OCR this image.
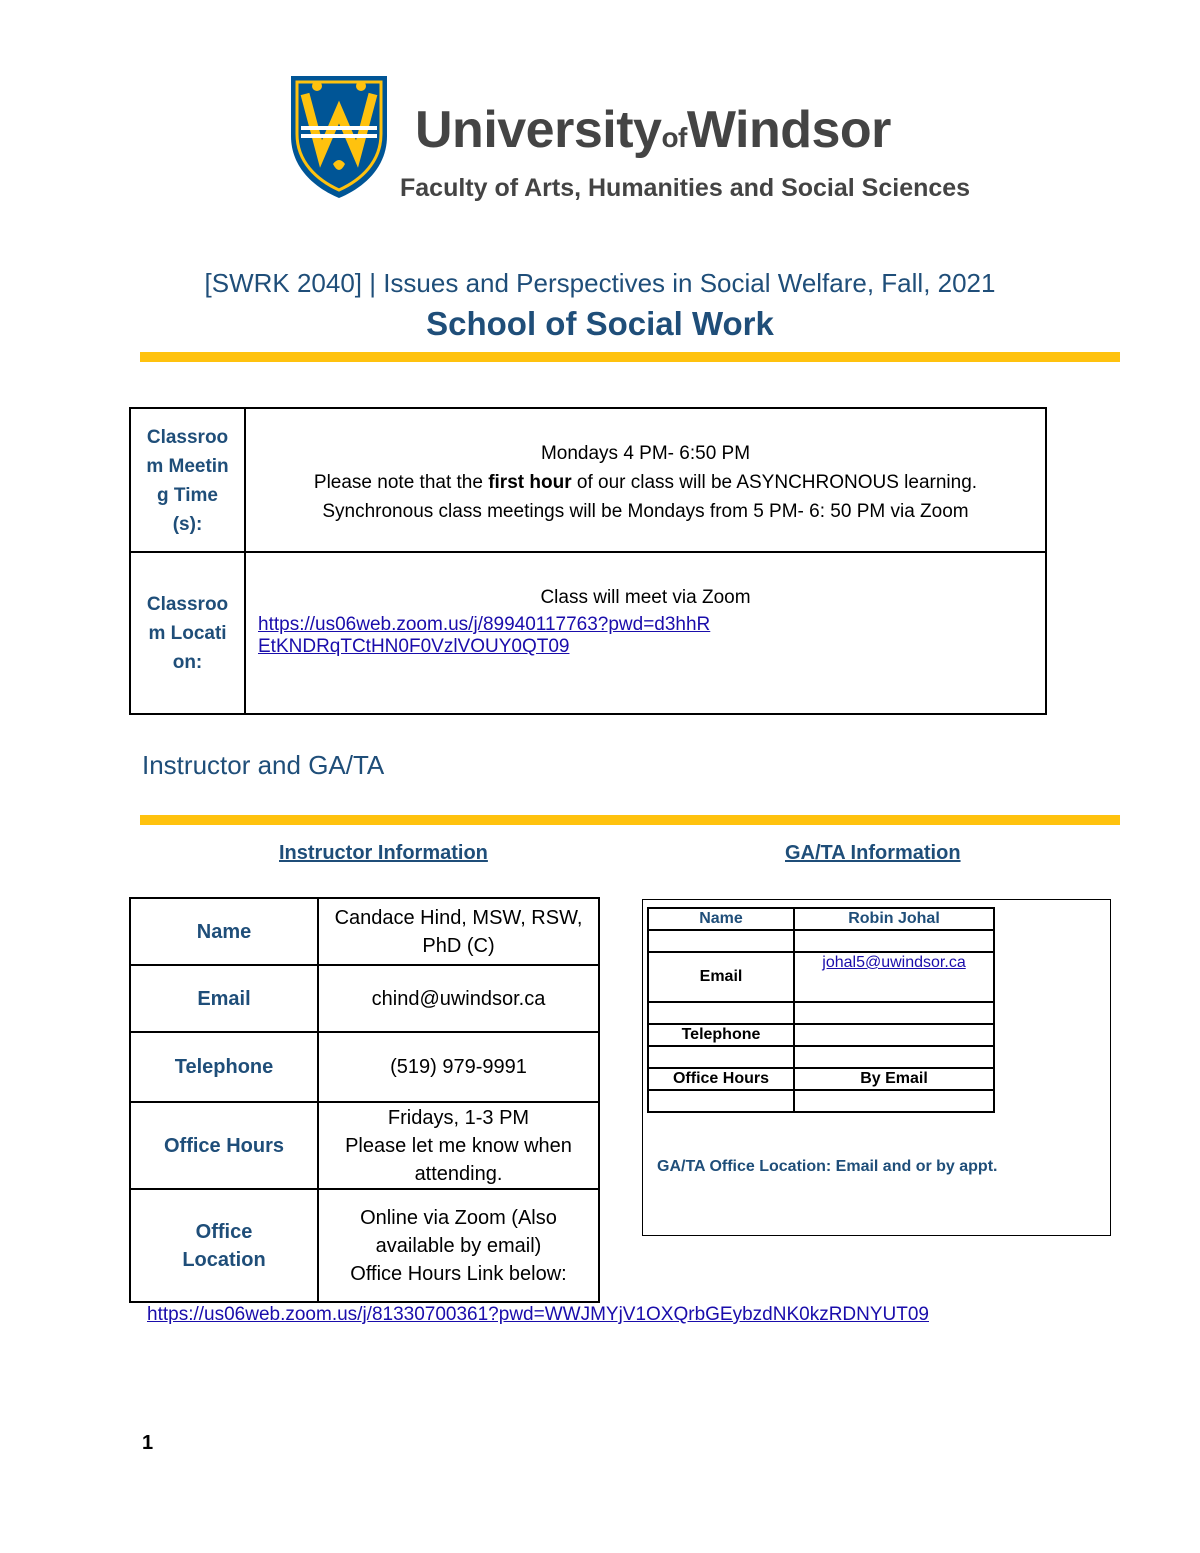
UniversityofWindsor
Faculty of Arts, Humanities and Social Sciences
[SWRK 2040] | Issues and Perspectives in Social Welfare, Fall, 2021
School of Social Work
Classroom Meeting Time(s):
Mondays 4 PM- 6:50 PM
Please note that the first hour of our class will be ASYNCHRONOUS learning.
Synchronous class meetings will be Mondays from 5 PM- 6: 50 PM via Zoom
Classroom Location:
Class will meet via Zoom
https://us06web.zoom.us/j/89940117763?pwd=d3hhREtKNDRqTCtHN0F0VzlVOUY0QT09
Instructor and GA/TA
Instructor Information	GA/TA Information
Name	Candace Hind, MSW, RSW, PhD (C)
Email	chind@uwindsor.ca
Telephone	(519) 979-9991
Office Hours	Fridays, 1-3 PM
Please let me know when attending.
Office Location	Online via Zoom (Also available by email)
Office Hours Link below:
Name	Robin Johal

Email	johal5@uwindsor.ca

Telephone	

Office Hours	By Email

GA/TA Office Location: Email and or by appt.
https://us06web.zoom.us/j/81330700361?pwd=WWJMYjV1OXQrbGEybzdNK0kzRDNYUT09
1
